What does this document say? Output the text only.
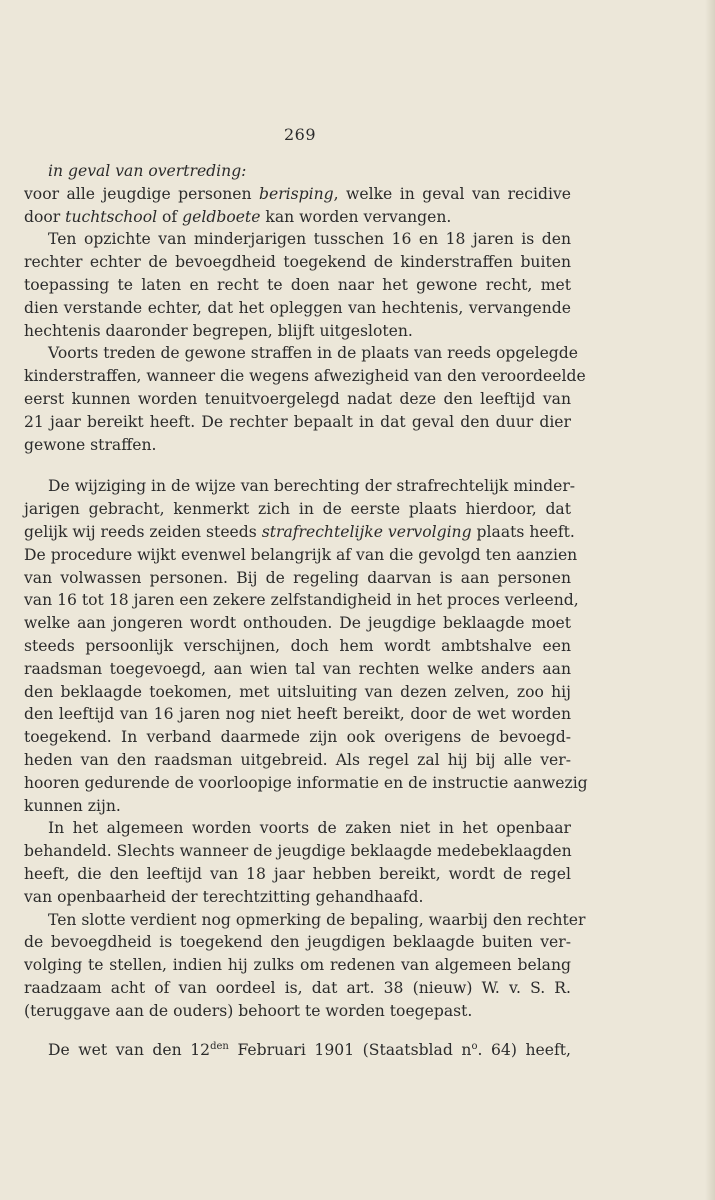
269
in geval van overtreding:
voor alle jeugdige personen berisping, welke in geval van recidive
door tuchtschool of geldboete kan worden vervangen.
Ten opzichte van minderjarigen tusschen 16 en 18 jaren is den
rechter echter de bevoegdheid toegekend de kinderstraffen buiten
toepassing te laten en recht te doen naar het gewone recht, met
dien verstande echter, dat het opleggen van hechtenis, vervangende
hechtenis daaronder begrepen, blijft uitgesloten.
Voorts treden de gewone straffen in de plaats van reeds opgelegde
kinderstraffen, wanneer die wegens afwezigheid van den veroordeelde
eerst kunnen worden tenuitvoergelegd nadat deze den leeftijd van
21 jaar bereikt heeft. De rechter bepaalt in dat geval den duur dier
gewone straffen.
De wijziging in de wijze van berechting der strafrechtelijk minder-
jarigen gebracht, kenmerkt zich in de eerste plaats hierdoor, dat
gelijk wij reeds zeiden steeds strafrechtelijke vervolging plaats heeft.
De procedure wijkt evenwel belangrijk af van die gevolgd ten aanzien
van volwassen personen. Bij de regeling daarvan is aan personen
van 16 tot 18 jaren een zekere zelfstandigheid in het proces verleend,
welke aan jongeren wordt onthouden. De jeugdige beklaagde moet
steeds persoonlijk verschijnen, doch hem wordt ambtshalve een
raadsman toegevoegd, aan wien tal van rechten welke anders aan
den beklaagde toekomen, met uitsluiting van dezen zelven, zoo hij
den leeftijd van 16 jaren nog niet heeft bereikt, door de wet worden
toegekend. In verband daarmede zijn ook overigens de bevoegd-
heden van den raadsman uitgebreid. Als regel zal hij bij alle ver-
hooren gedurende de voorloopige informatie en de instructie aanwezig
kunnen zijn.
In het algemeen worden voorts de zaken niet in het openbaar
behandeld. Slechts wanneer de jeugdige beklaagde medebeklaagden
heeft, die den leeftijd van 18 jaar hebben bereikt, wordt de regel
van openbaarheid der terechtzitting gehandhaafd.
Ten slotte verdient nog opmerking de bepaling, waarbij den rechter
de bevoegdheid is toegekend den jeugdigen beklaagde buiten ver-
volging te stellen, indien hij zulks om redenen van algemeen belang
raadzaam acht of van oordeel is, dat art. 38 (nieuw) W. v. S. R.
(teruggave aan de ouders) behoort te worden toegepast.
De wet van den $12^{den}$ Februari 1901 (Staatsblad $n^o$. 64) heeft,
